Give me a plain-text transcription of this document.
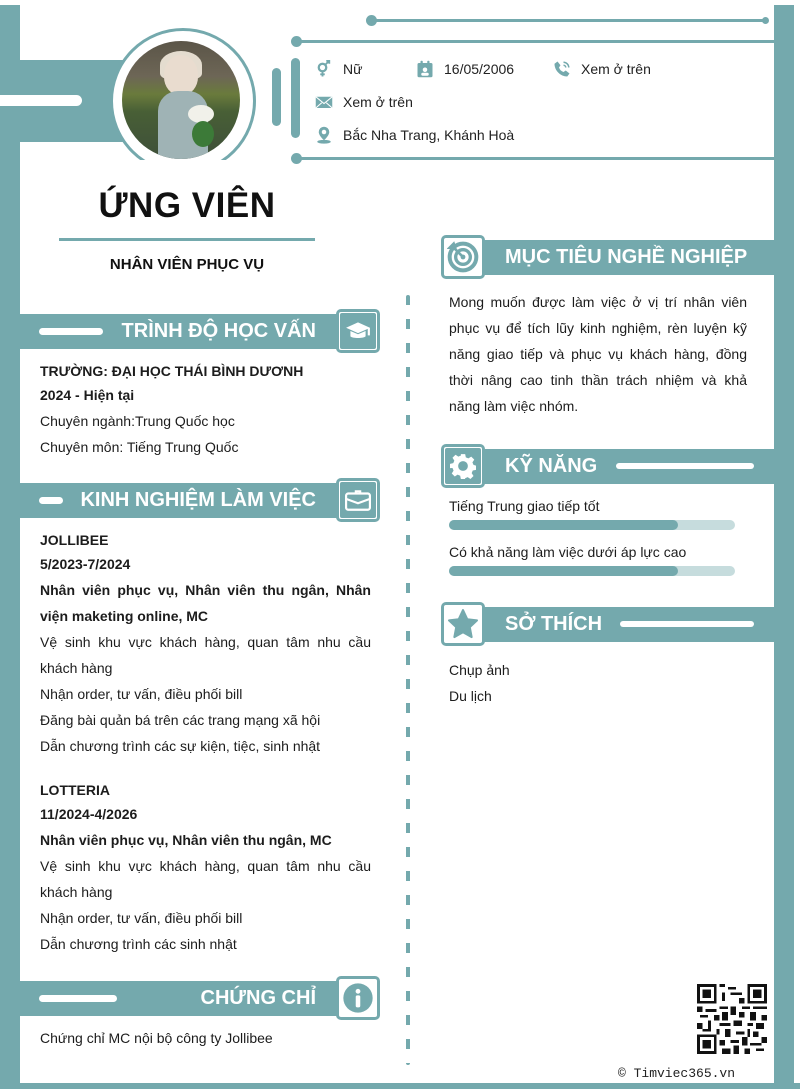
Nữ	16/05/2006	Xem ở trên
Xem ở trên
Bắc Nha Trang, Khánh Hoà
ỨNG VIÊN
NHÂN VIÊN PHỤC VỤ
TRÌNH ĐỘ HỌC VẤN
TRƯỜNG: ĐẠI HỌC THÁI BÌNH DƯƠNH
2024 - Hiện tại
Chuyên ngành:Trung Quốc học
Chuyên môn: Tiếng Trung Quốc
KINH NGHIỆM LÀM VIỆC
JOLLIBEE
5/2023-7/2024
Nhân viên phục vụ, Nhân viên thu ngân, Nhân viện maketing online, MC
Vệ sinh khu vực khách hàng, quan tâm nhu cầu khách hàng
Nhận order, tư vấn, điều phối bill
Đăng bài quản bá trên các trang mạng xã hội
Dẫn chương trình các sự kiện, tiệc, sinh nhật
LOTTERIA
11/2024-4/2026
Nhân viên phục vụ, Nhân viên thu ngân, MC
Vệ sinh khu vực khách hàng, quan tâm nhu cầu khách hàng
Nhận order, tư vấn, điều phối bill
Dẫn chương trình các sinh nhật
CHỨNG CHỈ
Chứng chỉ MC nội bộ công ty Jollibee
MỤC TIÊU NGHỀ NGHIỆP
Mong muốn được làm việc ở vị trí nhân viên phục vụ để tích lũy kinh nghiệm, rèn luyện kỹ năng giao tiếp và phục vụ khách hàng, đồng thời nâng cao tinh thần trách nhiệm và khả năng làm việc nhóm.
KỸ NĂNG
Tiếng Trung giao tiếp tốt
Có khả năng làm việc dưới áp lực cao
SỞ THÍCH
Chụp ảnh
Du lịch
© Timviec365.vn
